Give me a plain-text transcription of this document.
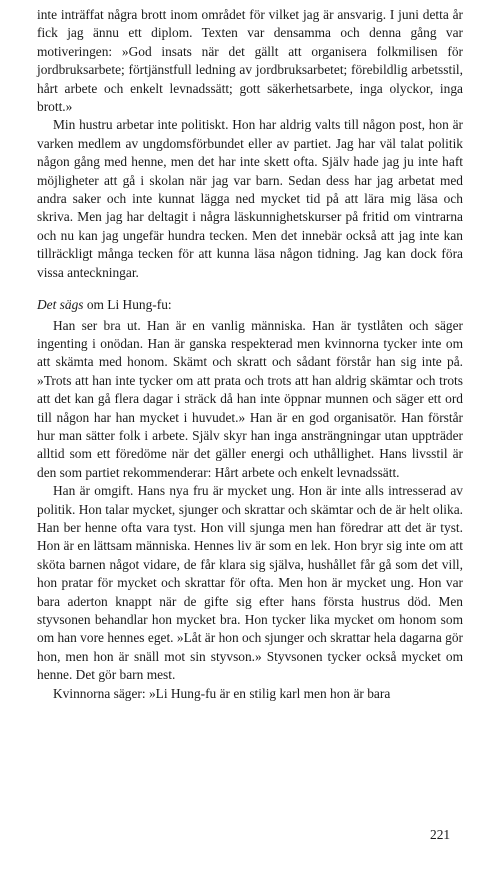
inte inträffat några brott inom området för vilket jag är ansvarig. I juni detta år fick jag ännu ett diplom. Texten var densamma och denna gång var motiveringen: »God insats när det gällt att organisera folkmilisen för jordbruksarbete; förtjänstfull ledning av jordbruksarbetet; förebildlig arbetsstil, hårt arbete och enkelt levnadssätt; gott säkerhetsarbete, inga olyckor, inga brott.»

Min hustru arbetar inte politiskt. Hon har aldrig valts till någon post, hon är varken medlem av ungdomsförbundet eller av partiet. Jag har väl talat politik någon gång med henne, men det har inte skett ofta. Själv hade jag ju inte haft möjligheter att gå i skolan när jag var barn. Sedan dess har jag arbetat med andra saker och inte kunnat lägga ned mycket tid på att lära mig läsa och skriva. Men jag har deltagit i några läskunnighetskurser på fritid om vintrarna och nu kan jag ungefär hundra tecken. Men det innebär också att jag inte kan tillräckligt många tecken för att kunna läsa någon tidning. Jag kan dock föra vissa anteckningar.

Det sägs om Li Hung-fu:

Han ser bra ut. Han är en vanlig människa. Han är tystlåten och säger ingenting i onödan. Han är ganska respekterad men kvinnorna tycker inte om att skämta med honom. Skämt och skratt och sådant förstår han sig inte på. »Trots att han inte tycker om att prata och trots att han aldrig skämtar och trots att det kan gå flera dagar i sträck då han inte öppnar munnen och säger ett ord till någon har han mycket i huvudet.» Han är en god organisatör. Han förstår hur man sätter folk i arbete. Själv skyr han inga ansträngningar utan uppträder alltid som ett föredöme när det gäller energi och uthållighet. Hans livsstil är den som partiet rekommenderar: Hårt arbete och enkelt levnadssätt.

Han är omgift. Hans nya fru är mycket ung. Hon är inte alls intresserad av politik. Hon talar mycket, sjunger och skrattar och skämtar och de är helt olika. Han ber henne ofta vara tyst. Hon vill sjunga men han föredrar att det är tyst. Hon är en lättsam människa. Hennes liv är som en lek. Hon bryr sig inte om att sköta barnen något vidare, de får klara sig själva, hushållet får gå som det vill, hon pratar för mycket och skrattar för ofta. Men hon är mycket ung. Hon var bara aderton knappt när de gifte sig efter hans första hustrus död. Men styvsonen behandlar hon mycket bra. Hon tycker lika mycket om honom som om han vore hennes eget. »Låt är hon och sjunger och skrattar hela dagarna gör hon, men hon är snäll mot sin styvson.» Styvsonen tycker också mycket om henne. Det gör barn mest.

Kvinnorna säger: »Li Hung-fu är en stilig karl men hon är bara

221
